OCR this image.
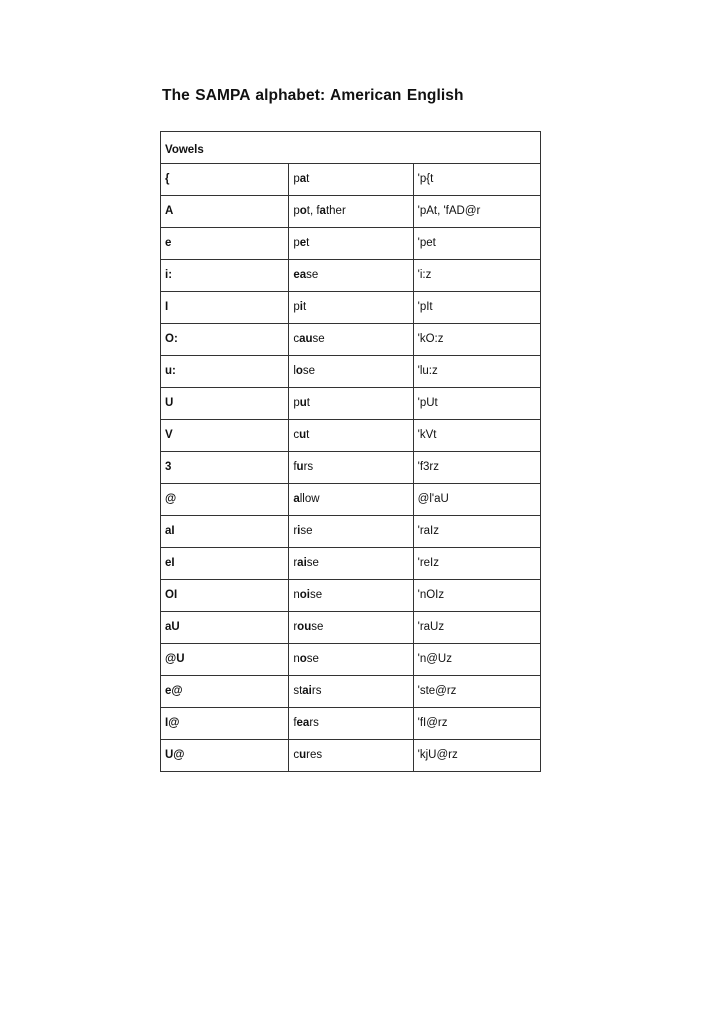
The SAMPA alphabet: American English
Vowels		
{	pat	'p{t
A	pot, father	'pAt, 'fAD@r
e	pet	'pet
i:	ease	'i:z
I	pit	'pIt
O:	cause	'kO:z
u:	lose	'lu:z
U	put	'pUt
V	cut	'kVt
3	furs	'f3rz
@	allow	@l'aU
aI	rise	'raIz
eI	raise	'reIz
OI	noise	'nOIz
aU	rouse	'raUz
@U	nose	'n@Uz
e@	stairs	'ste@rz
I@	fears	'fI@rz
U@	cures	'kjU@rz
